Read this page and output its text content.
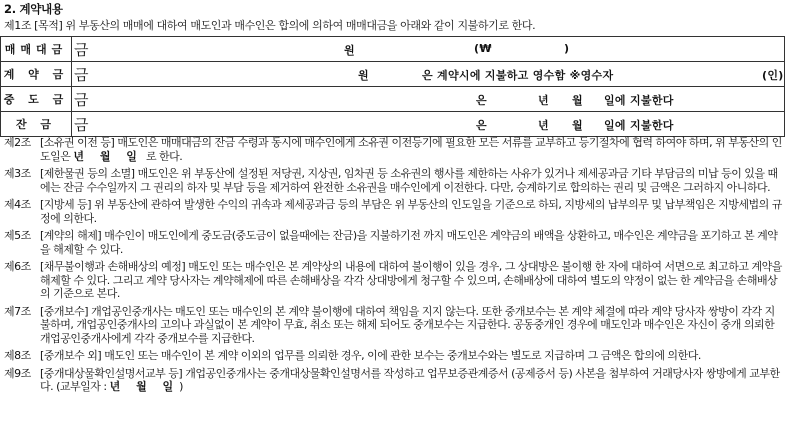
2. 계약내용
제1조 [목적] 위 부동산의 매매에 대하여 매도인과 매수인은 합의에 의하여 매매대금을 아래와 같이 지불하기로 한다.
매매대금	금 원 (₩ )

계 약 금	금 원 은 계약시에 지불하고 영수함 ※영수자 (인)

중 도 금	금 은 년 월 일에 지불한다

잔 금	금 은 년 월 일에 지불한다
제2조 [소유권 이전 등] 매도인은 매매대금의 잔금 수령과 동시에 매수인에게 소유권 이전등기에 필요한 모든 서류를 교부하고 등기절차에 협력 하여야 하며, 위 부동산의 인도일은 년 월 일 로 한다.
제3조 [제한물권 등의 소멸] 매도인은 위 부동산에 설정된 저당권, 지상권, 임차권 등 소유권의 행사를 제한하는 사유가 있거나 제세공과금 기타 부담금의 미납 등이 있을 때에는 잔금 수수일까지 그 권리의 하자 및 부담 등을 제거하여 완전한 소유권을 매수인에게 이전한다. 다만, 승계하기로 합의하는 권리 및 금액은 그러하지 아니하다.
제4조 [지방세 등] 위 부동산에 관하여 발생한 수익의 귀속과 제세공과금 등의 부담은 위 부동산의 인도일을 기준으로 하되, 지방세의 납부의무 및 납부책임은 지방세법의 규정에 의한다.
제5조 [계약의 해제] 매수인이 매도인에게 중도금(중도금이 없을때에는 잔금)을 지불하기전 까지 매도인은 계약금의 배액을 상환하고, 매수인은 계약금을 포기하고 본 계약을 해제할 수 있다.
제6조 [채무불이행과 손해배상의 예정] 매도인 또는 매수인은 본 계약상의 내용에 대하여 불이행이 있을 경우, 그 상대방은 불이행 한 자에 대하여 서면으로 최고하고 계약을 해제할 수 있다. 그리고 계약 당사자는 계약해제에 따른 손해배상을 각각 상대방에게 청구할 수 있으며, 손해배상에 대하여 별도의 약정이 없는 한 계약금을 손해배상의 기준으로 본다.
제7조 [중개보수] 개업공인중개사는 매도인 또는 매수인의 본 계약 불이행에 대하여 책임을 지지 않는다. 또한 중개보수는 본 계약 체결에 따라 계약 당사자 쌍방이 각각 지불하며, 개업공인중개사의 고의나 과실없이 본 계약이 무효, 취소 또는 해제 되어도 중개보수는 지급한다. 공동중개인 경우에 매도인과 매수인은 자신이 중개 의뢰한 개업공인중개사에게 각각 중개보수를 지급한다.
제8조 [중개보수 외] 매도인 또는 매수인이 본 계약 이외의 업무를 의뢰한 경우, 이에 관한 보수는 중개보수와는 별도로 지급하며 그 금액은 합의에 의한다.
제9조 [중개대상물확인설명서교부 등] 개업공인중개사는 중개대상물확인설명서를 작성하고 업무보증관계증서 (공제증서 등) 사본을 첨부하여 거래당사자 쌍방에게 교부한다. (교부일자 : 년 월 일)
